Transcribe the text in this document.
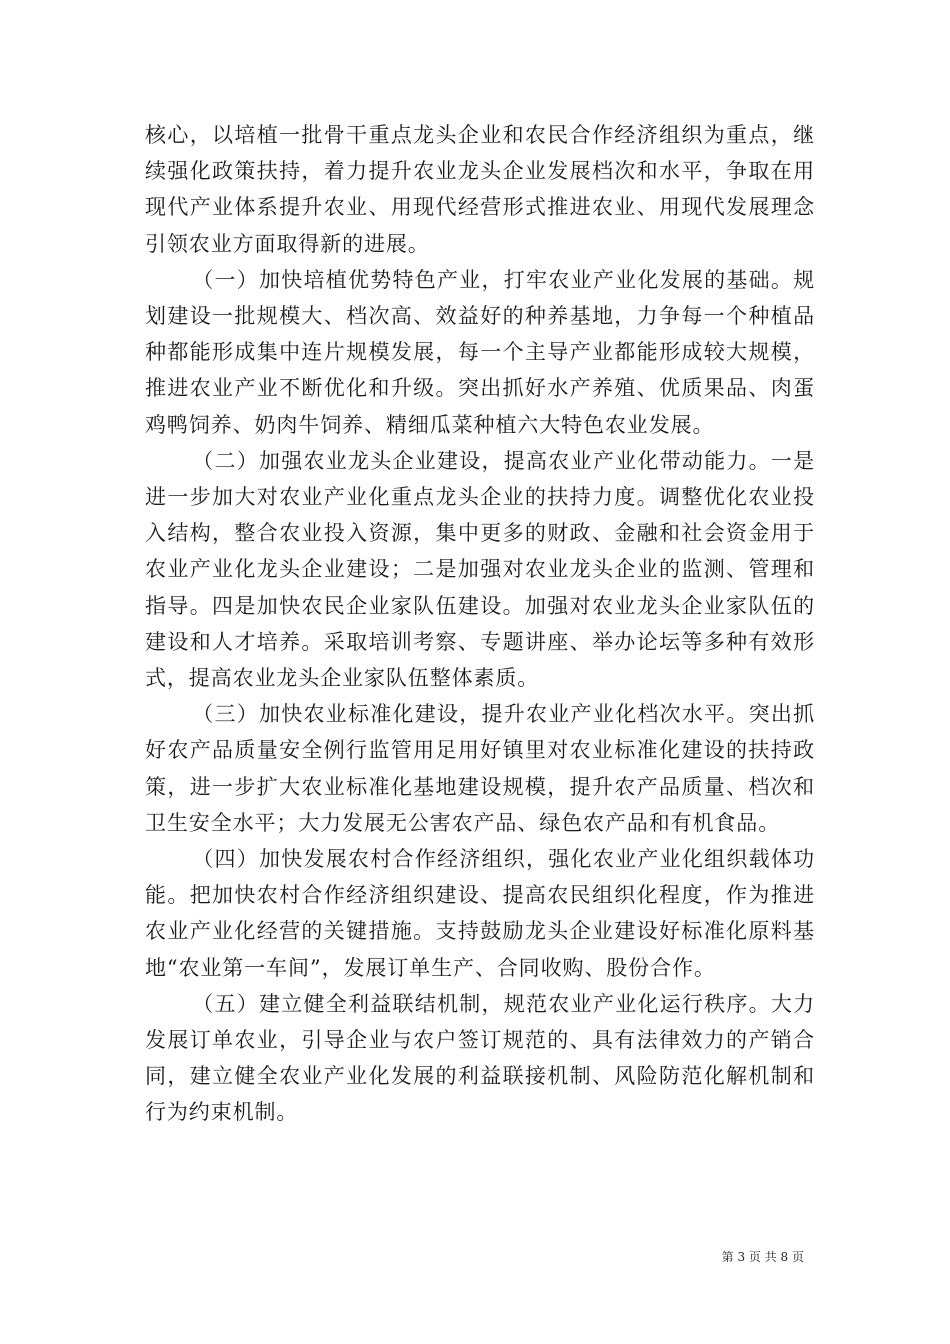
核心，以培植一批骨干重点龙头企业和农民合作经济组织为重点，继续强化政策扶持，着力提升农业龙头企业发展档次和水平，争取在用现代产业体系提升农业、用现代经营形式推进农业、用现代发展理念引领农业方面取得新的进展。

（一）加快培植优势特色产业，打牢农业产业化发展的基础。规划建设一批规模大、档次高、效益好的种养基地，力争每一个种植品种都能形成集中连片规模发展，每一个主导产业都能形成较大规模，推进农业产业不断优化和升级。突出抓好水产养殖、优质果品、肉蛋鸡鸭饲养、奶肉牛饲养、精细瓜菜种植六大特色农业发展。

（二）加强农业龙头企业建设，提高农业产业化带动能力。一是进一步加大对农业产业化重点龙头企业的扶持力度。调整优化农业投入结构，整合农业投入资源，集中更多的财政、金融和社会资金用于农业产业化龙头企业建设；二是加强对农业龙头企业的监测、管理和指导。四是加快农民企业家队伍建设。加强对农业龙头企业家队伍的建设和人才培养。采取培训考察、专题讲座、举办论坛等多种有效形式，提高农业龙头企业家队伍整体素质。

（三）加快农业标准化建设，提升农业产业化档次水平。突出抓好农产品质量安全例行监管用足用好镇里对农业标准化建设的扶持政策，进一步扩大农业标准化基地建设规模，提升农产品质量、档次和卫生安全水平；大力发展无公害农产品、绿色农产品和有机食品。

（四）加快发展农村合作经济组织，强化农业产业化组织载体功能。把加快农村合作经济组织建设、提高农民组织化程度，作为推进农业产业化经营的关键措施。支持鼓励龙头企业建设好标准化原料基地“农业第一车间”，发展订单生产、合同收购、股份合作。

（五）建立健全利益联结机制，规范农业产业化运行秩序。大力发展订单农业，引导企业与农户签订规范的、具有法律效力的产销合同，建立健全农业产业化发展的利益联接机制、风险防范化解机制和行为约束机制。

第 3 页 共 8 页
